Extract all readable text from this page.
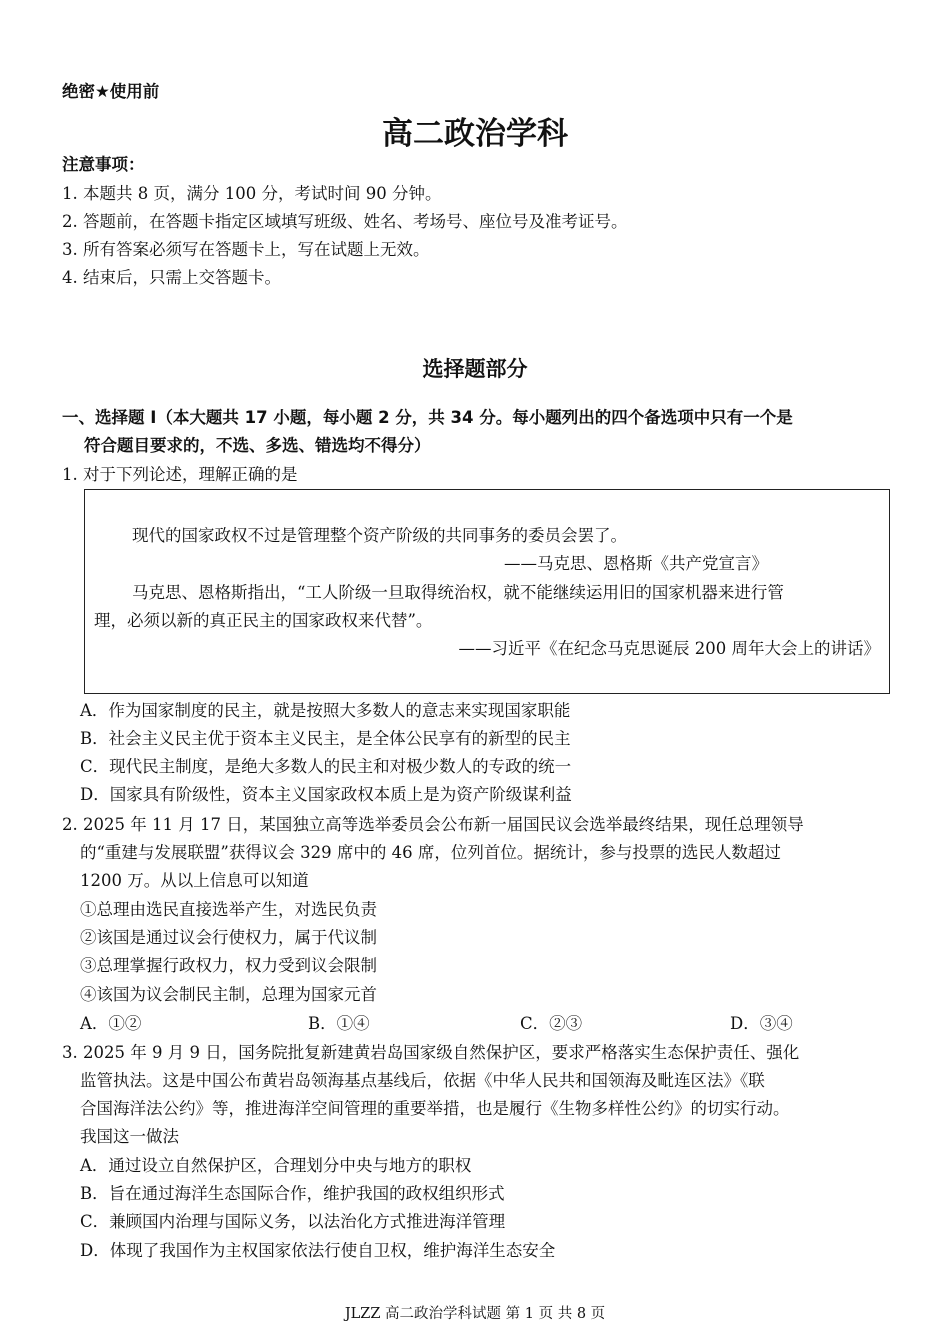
绝密★使用前
高二政治学科
注意事项：
1. 本题共 8 页，满分 100 分，考试时间 90 分钟。
2. 答题前，在答题卡指定区域填写班级、姓名、考场号、座位号及准考证号。
3. 所有答案必须写在答题卡上，写在试题上无效。
4. 结束后，只需上交答题卡。
选择题部分
一、选择题 Ⅰ（本大题共 17 小题，每小题 2 分，共 34 分。每小题列出的四个备选项中只有一个是
符合题目要求的，不选、多选、错选均不得分）
1. 对于下列论述，理解正确的是
现代的国家政权不过是管理整个资产阶级的共同事务的委员会罢了。
——马克思、恩格斯《共产党宣言》
马克思、恩格斯指出，“工人阶级一旦取得统治权，就不能继续运用旧的国家机器来进行管
理，必须以新的真正民主的国家政权来代替”。
——习近平《在纪念马克思诞辰 200 周年大会上的讲话》
A．作为国家制度的民主，就是按照大多数人的意志来实现国家职能
B．社会主义民主优于资本主义民主，是全体公民享有的新型的民主
C．现代民主制度，是绝大多数人的民主和对极少数人的专政的统一
D．国家具有阶级性，资本主义国家政权本质上是为资产阶级谋利益
2. 2025 年 11 月 17 日，某国独立高等选举委员会公布新一届国民议会选举最终结果，现任总理领导
的“重建与发展联盟”获得议会 329 席中的 46 席，位列首位。据统计，参与投票的选民人数超过
1200 万。从以上信息可以知道
①总理由选民直接选举产生，对选民负责
②该国是通过议会行使权力，属于代议制
③总理掌握行政权力，权力受到议会限制
④该国为议会制民主制，总理为国家元首
A．①②	B．①④	C．②③	D．③④
3. 2025 年 9 月 9 日，国务院批复新建黄岩岛国家级自然保护区，要求严格落实生态保护责任、强化
监管执法。这是中国公布黄岩岛领海基点基线后，依据《中华人民共和国领海及毗连区法》《联
合国海洋法公约》等，推进海洋空间管理的重要举措，也是履行《生物多样性公约》的切实行动。
我国这一做法
A．通过设立自然保护区，合理划分中央与地方的职权
B．旨在通过海洋生态国际合作，维护我国的政权组织形式
C．兼顾国内治理与国际义务，以法治化方式推进海洋管理
D．体现了我国作为主权国家依法行使自卫权，维护海洋生态安全
JLZZ 高二政治学科试题 第 1 页 共 8 页
